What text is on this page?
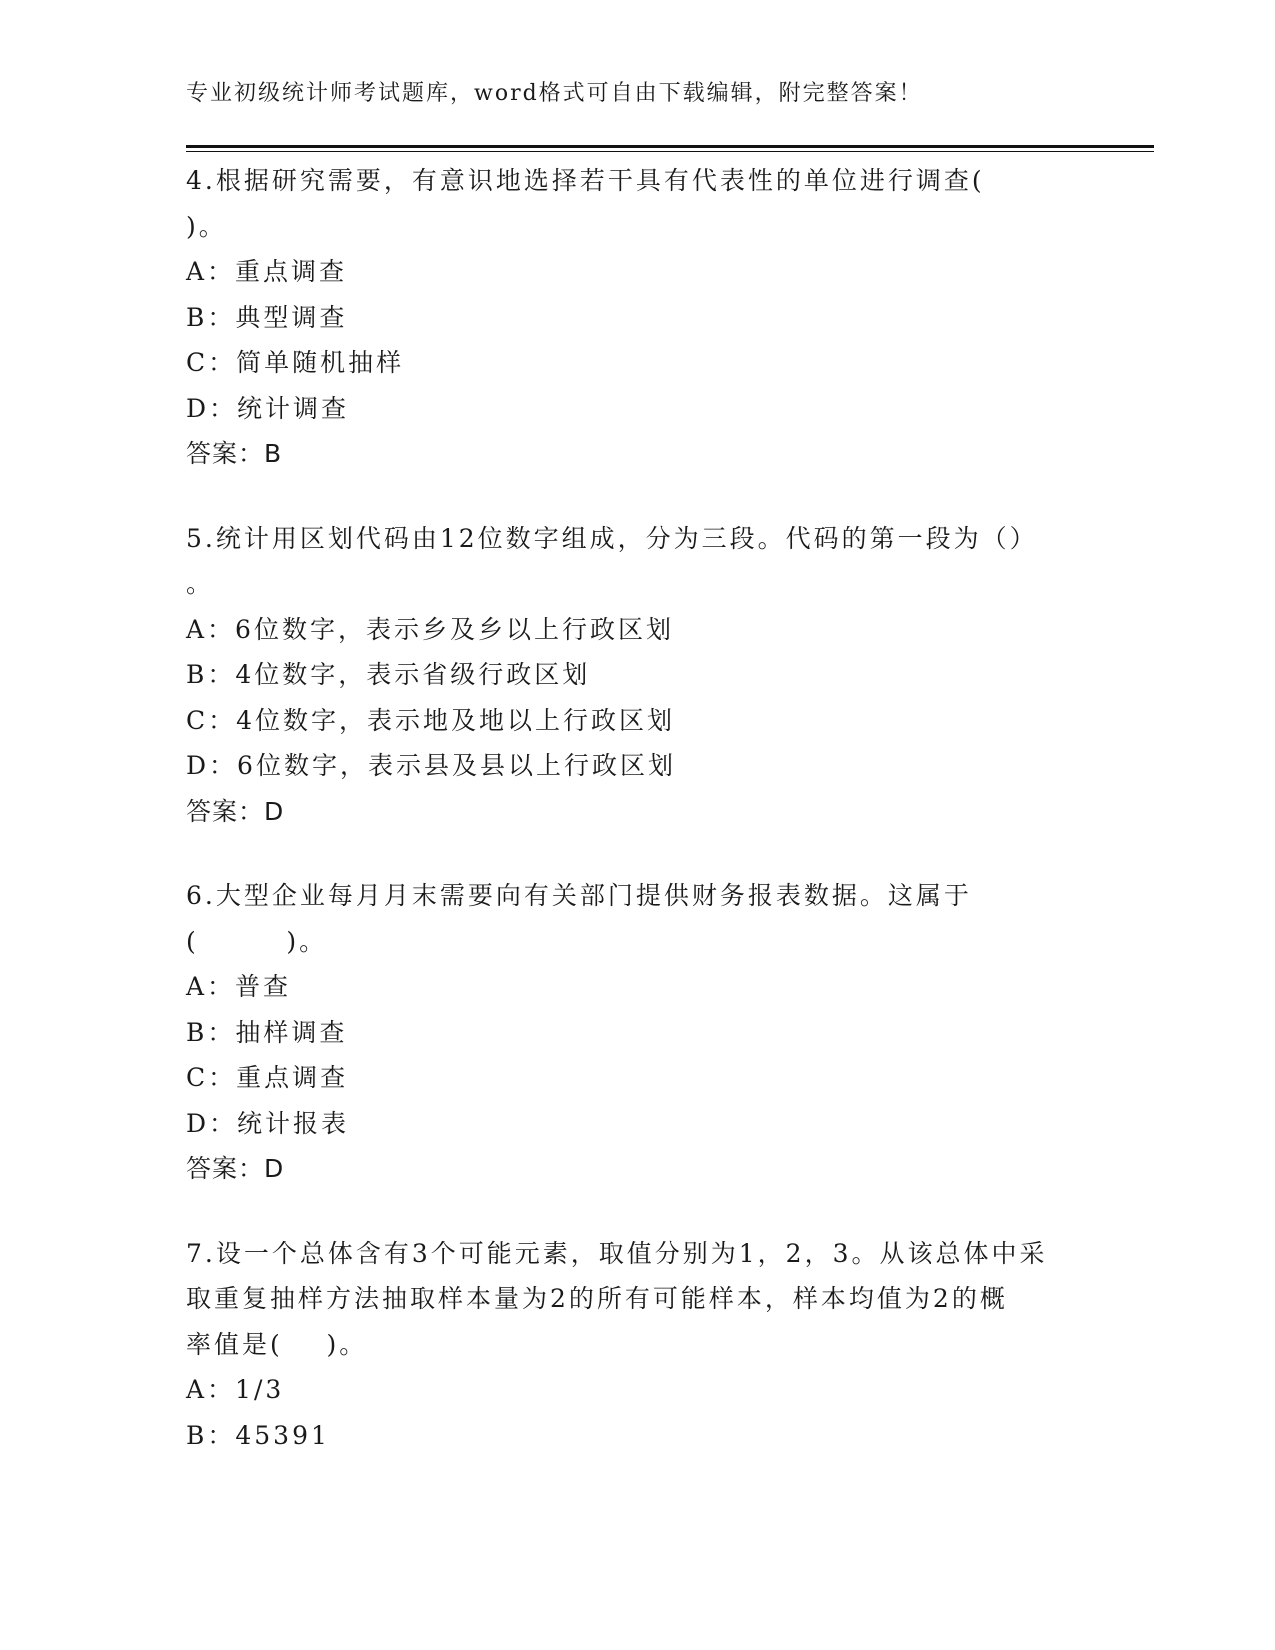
专业初级统计师考试题库，word格式可自由下载编辑，附完整答案！
4.根据研究需要，有意识地选择若干具有代表性的单位进行调查(
)。
A：重点调查
B：典型调查
C：简单随机抽样
D：统计调查
答案：B
5.统计用区划代码由12位数字组成，分为三段。代码的第一段为（）
。
A：6位数字，表示乡及乡以上行政区划
B：4位数字，表示省级行政区划
C：4位数字，表示地及地以上行政区划
D：6位数字，表示县及县以上行政区划
答案：D
6.大型企业每月月末需要向有关部门提供财务报表数据。这属于
(        )。
A：普查
B：抽样调查
C：重点调查
D：统计报表
答案：D
7.设一个总体含有3个可能元素，取值分别为1，2，3。从该总体中采
取重复抽样方法抽取样本量为2的所有可能样本，样本均值为2的概
率值是(    )。
A：1/3
B：45391
